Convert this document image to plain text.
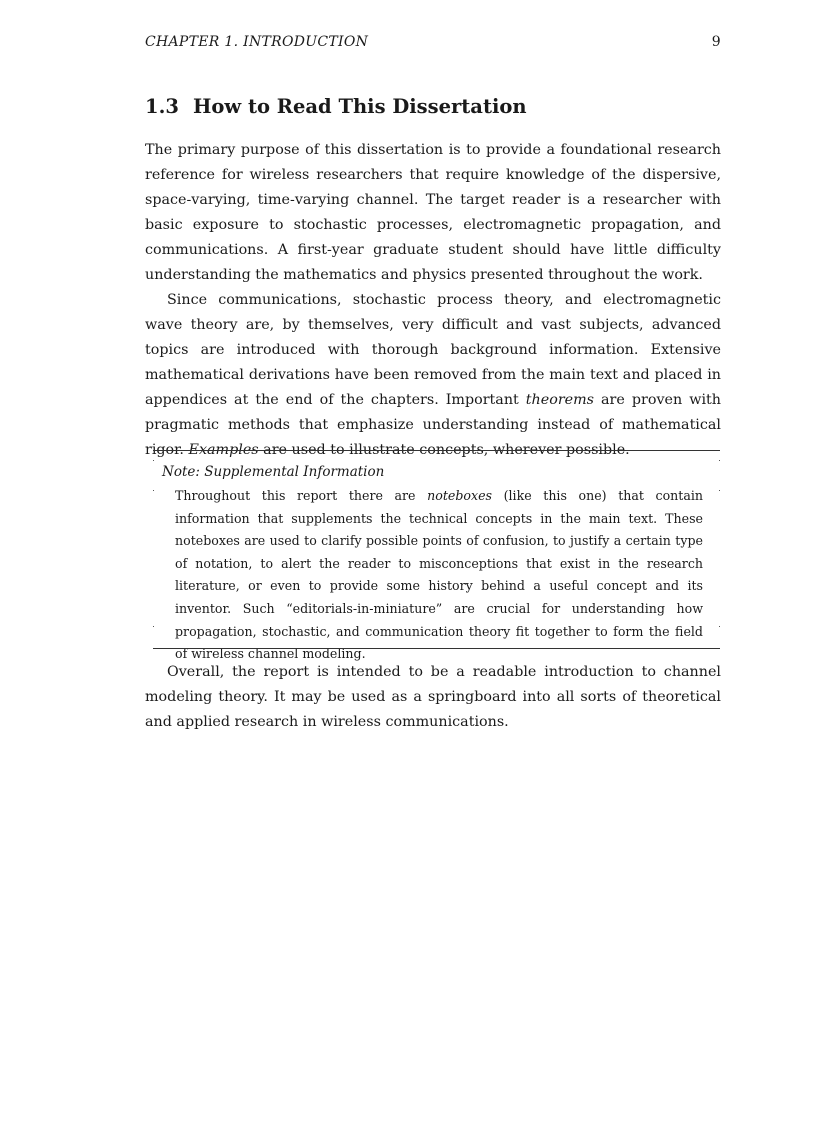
CHAPTER 1. INTRODUCTION	9
1.3 How to Read This Dissertation

The primary purpose of this dissertation is to provide a foundational research reference for wireless researchers that require knowledge of the dispersive, space-varying, time-varying channel. The target reader is a researcher with basic exposure to stochastic processes, electromagnetic propagation, and communications. A first-year graduate student should have little difficulty understanding the mathematics and physics presented throughout the work.

Since communications, stochastic process theory, and electromagnetic wave theory are, by themselves, very difficult and vast subjects, advanced topics are introduced with thorough background information. Extensive mathematical derivations have been removed from the main text and placed in appendices at the end of the chapters. Important theorems are proven with pragmatic methods that emphasize understanding instead of mathematical rigor. Examples are used to illustrate concepts, wherever possible.

Note: Supplemental Information
Throughout this report there are noteboxes (like this one) that contain information that supplements the technical concepts in the main text. These noteboxes are used to clarify possible points of confusion, to justify a certain type of notation, to alert the reader to misconceptions that exist in the research literature, or even to provide some history behind a useful concept and its inventor. Such “editorials-in-miniature” are crucial for understanding how propagation, stochastic, and communication theory fit together to form the field of wireless channel modeling.

Overall, the report is intended to be a readable introduction to channel modeling theory. It may be used as a springboard into all sorts of theoretical and applied research in wireless communications.
